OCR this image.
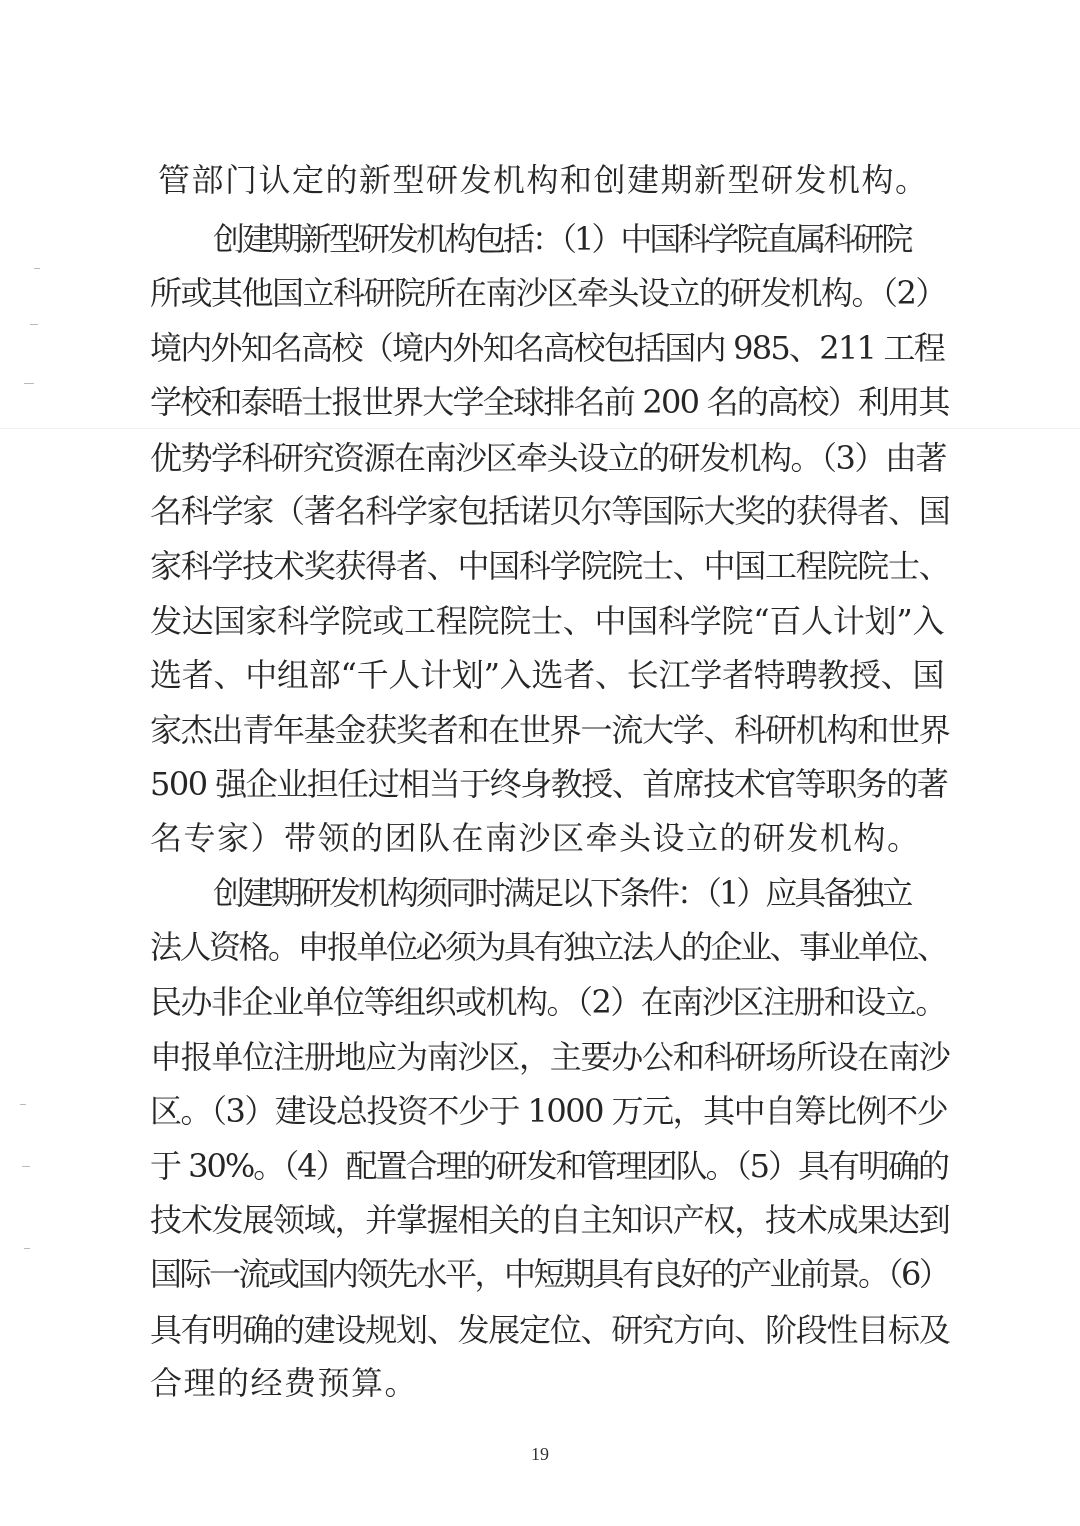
管部门认定的新型研发机构和创建期新型研发机构。
创建期新型研发机构包括：（1）中国科学院直属科研院
所或其他国立科研院所在南沙区牵头设立的研发机构。（2）
境内外知名高校（境内外知名高校包括国内 985、211 工程
学校和泰晤士报世界大学全球排名前 200 名的高校）利用其
优势学科研究资源在南沙区牵头设立的研发机构。（3）由著
名科学家（著名科学家包括诺贝尔等国际大奖的获得者、国
家科学技术奖获得者、中国科学院院士、中国工程院院士、
发达国家科学院或工程院院士、中国科学院“百人计划”入
选者、中组部“千人计划”入选者、长江学者特聘教授、国
家杰出青年基金获奖者和在世界一流大学、科研机构和世界
500 强企业担任过相当于终身教授、首席技术官等职务的著
名专家）带领的团队在南沙区牵头设立的研发机构。
创建期研发机构须同时满足以下条件：（1）应具备独立
法人资格。申报单位必须为具有独立法人的企业、事业单位、
民办非企业单位等组织或机构。（2）在南沙区注册和设立。
申报单位注册地应为南沙区，主要办公和科研场所设在南沙
区。（3）建设总投资不少于 1000 万元，其中自筹比例不少
于 30%。（4）配置合理的研发和管理团队。（5）具有明确的
技术发展领域，并掌握相关的自主知识产权，技术成果达到
国际一流或国内领先水平，中短期具有良好的产业前景。（6）
具有明确的建设规划、发展定位、研究方向、阶段性目标及
合理的经费预算。
19
